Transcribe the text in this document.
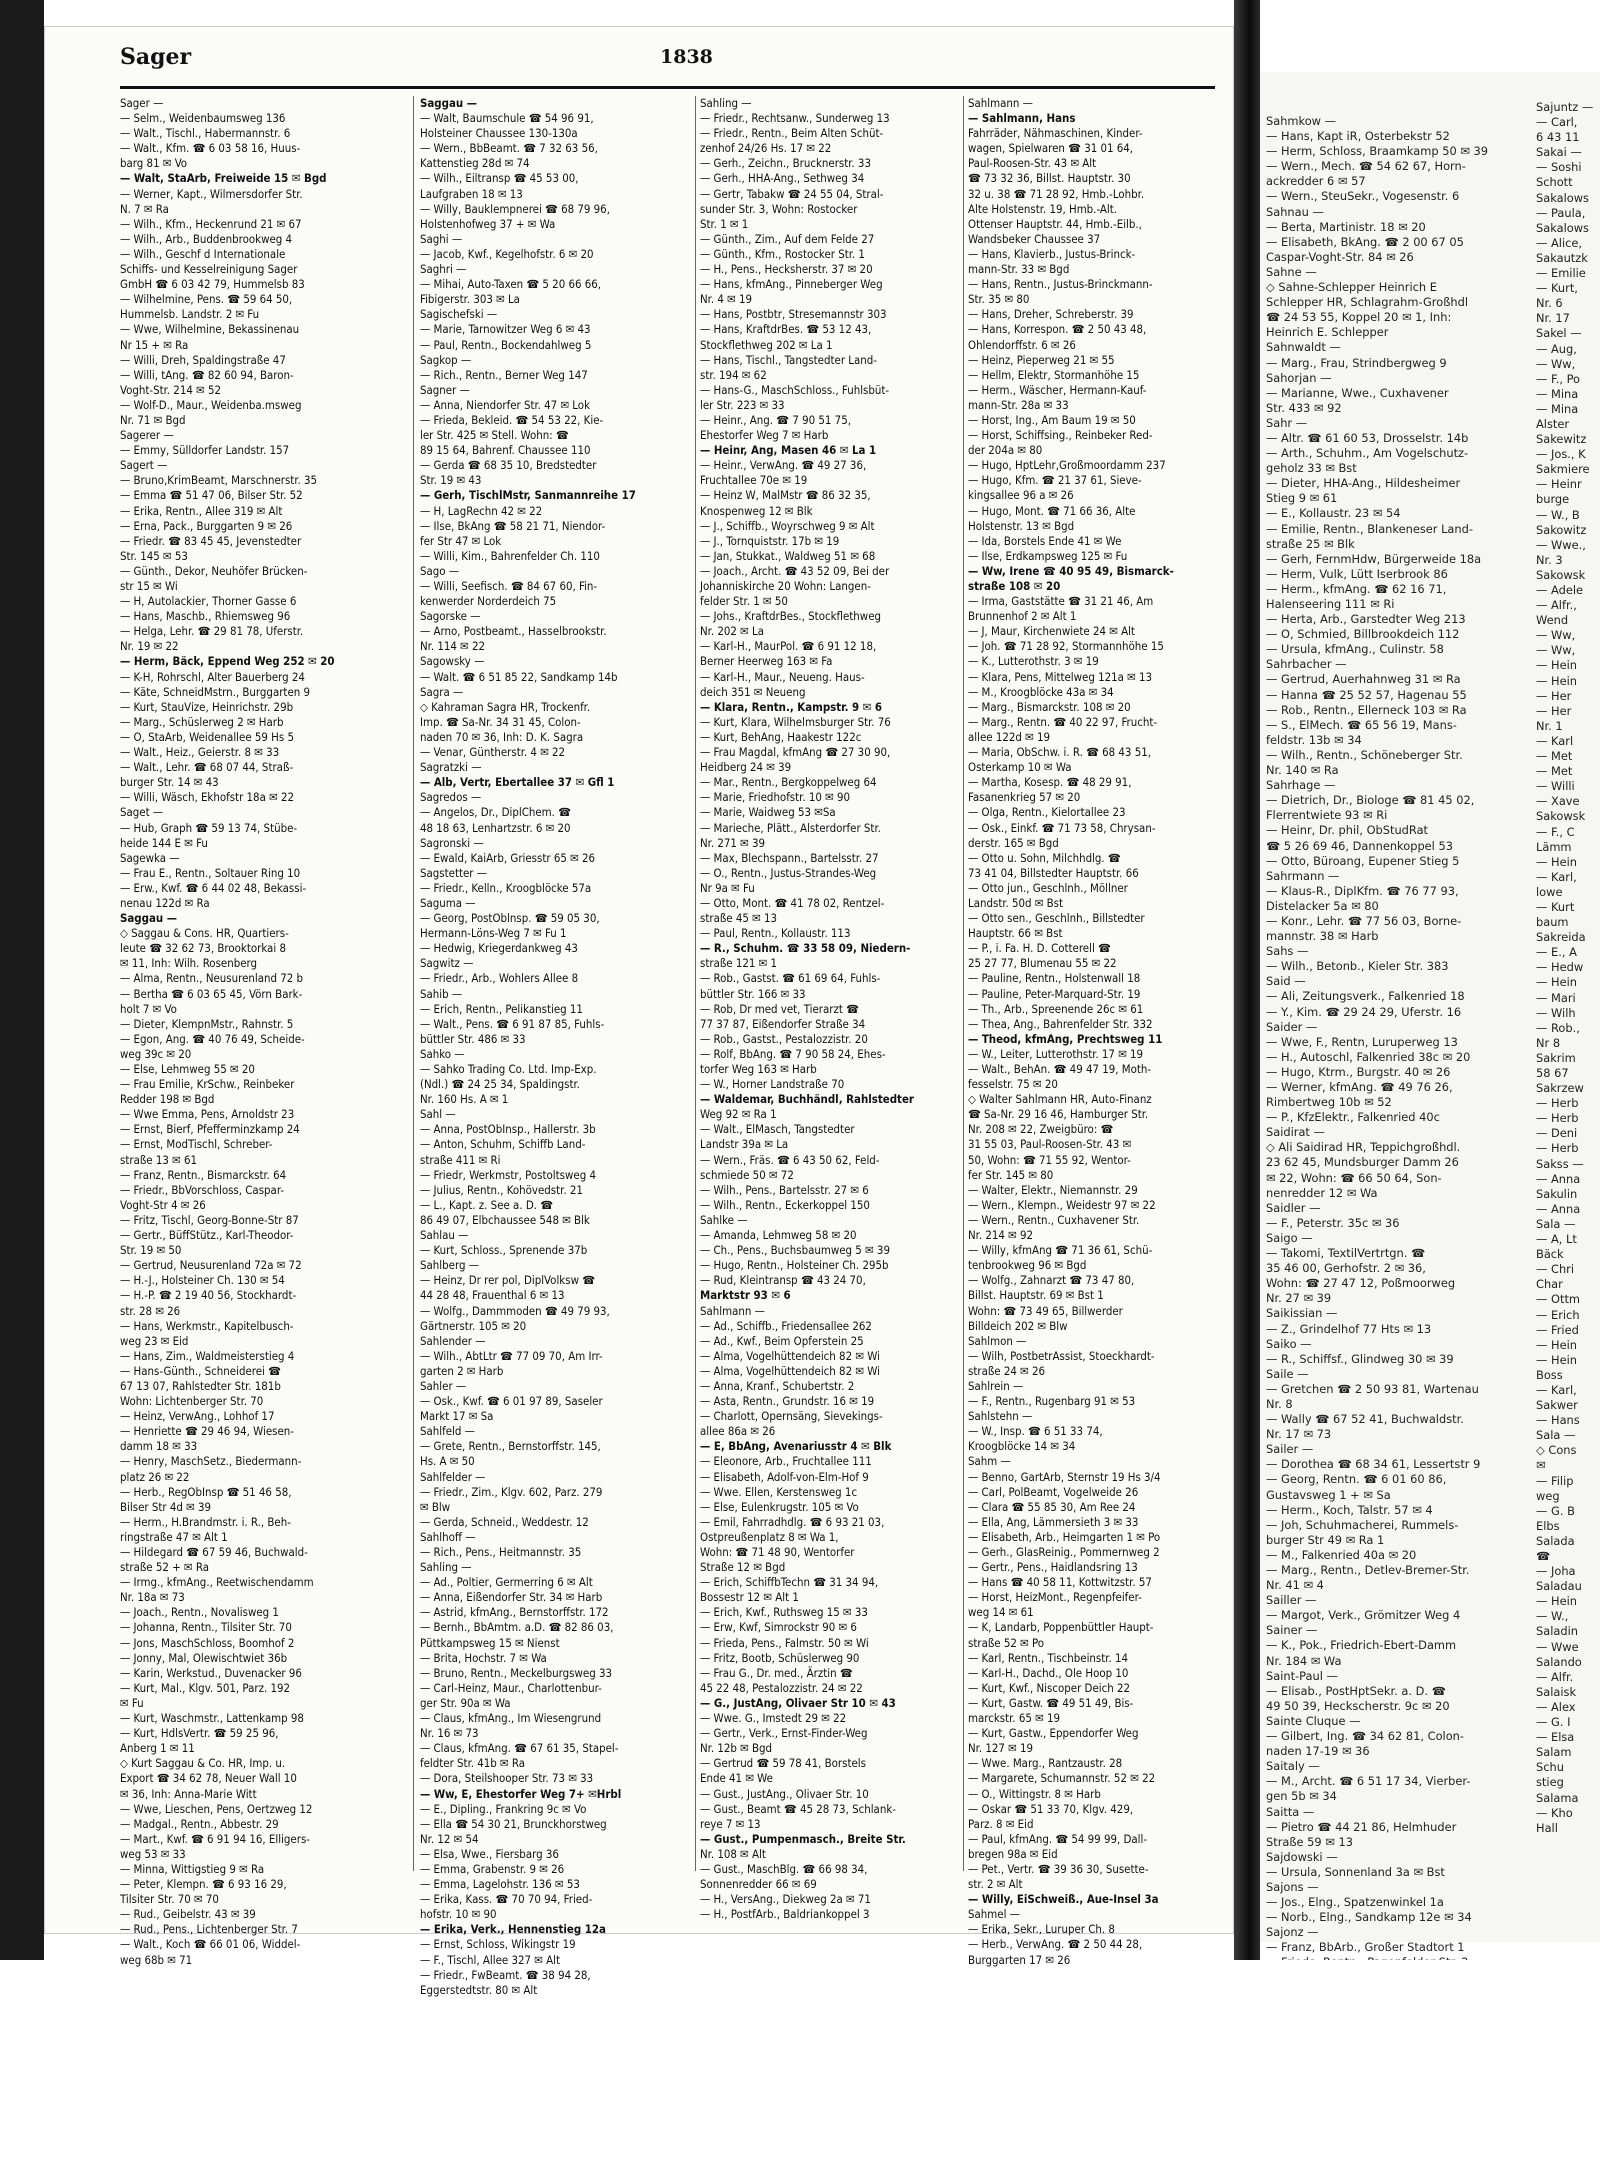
Sahmkow —
— Hans, Kapt iR, Osterbekstr 52
— Herm, Schloss, Braamkamp 50 ✉ 39
— Wern., Mech. ☎ 54 62 67, Horn-
ackredder 6 ✉ 57
— Wern., SteuSekr., Vogesenstr. 6
Sahnau —
— Berta, Martinistr. 18 ✉ 20
— Elisabeth, BkAng. ☎ 2 00 67 05
Caspar-Voght-Str. 84 ✉ 26
Sahne —
◇ Sahne-Schlepper Heinrich E
Schlepper HR, Schlagrahm-Großhdl
☎ 24 53 55, Koppel 20 ✉ 1, Inh:
Heinrich E. Schlepper
Sahnwaldt —
— Marg., Frau, Strindbergweg 9
Sahorjan —
— Marianne, Wwe., Cuxhavener
Str. 433 ✉ 92
Sahr —
— Altr. ☎ 61 60 53, Drosselstr. 14b
— Arth., Schuhm., Am Vogelschutz-
geholz 33 ✉ Bst
— Dieter, HHA-Ang., Hildesheimer
Stieg 9 ✉ 61
— E., Kollaustr. 23 ✉ 54
— Emilie, Rentn., Blankeneser Land-
straße 25 ✉ Blk
— Gerh, FernmHdw, Bürgerweide 18a
— Herm, Vulk, Lütt Iserbrook 86
— Herm., kfmAng. ☎ 62 16 71,
Halenseering 111 ✉ Ri
— Herta, Arb., Garstedter Weg 213
— O, Schmied, Billbrookdeich 112
— Ursula, kfmAng., Culinstr. 58
Sahrbacher —
— Gertrud, Auerhahnweg 31 ✉ Ra
— Hanna ☎ 25 52 57, Hagenau 55
— Rob., Rentn., Ellerneck 103 ✉ Ra
— S., ElMech. ☎ 65 56 19, Mans-
feldstr. 13b ✉ 34
— Wilh., Rentn., Schöneberger Str.
Nr. 140 ✉ Ra
Sahrhage —
— Dietrich, Dr., Biologe ☎ 81 45 02,
Flerrentwiete 93 ✉ Ri
— Heinr, Dr. phil, ObStudRat
☎ 5 26 69 46, Dannenkoppel 53
— Otto, Büroang, Eupener Stieg 5
Sahrmann —
— Klaus-R., DiplKfm. ☎ 76 77 93,
Distelacker 5a ✉ 80
— Konr., Lehr. ☎ 77 56 03, Borne-
mannstr. 38 ✉ Harb
Sahs —
— Wilh., Betonb., Kieler Str. 383
Said —
— Ali, Zeitungsverk., Falkenried 18
— Y., Kim. ☎ 29 24 29, Uferstr. 16
Saider —
— Wwe, F., Rentn, Luruperweg 13
— H., Autoschl, Falkenried 38c ✉ 20
— Hugo, Ktrm., Burgstr. 40 ✉ 26
— Werner, kfmAng. ☎ 49 76 26,
Rimbertweg 10b ✉ 52
— P., KfzElektr., Falkenried 40c
Saidirat —
◇ Ali Saidirad HR, Teppichgroßhdl.
23 62 45, Mundsburger Damm 26
✉ 22, Wohn: ☎ 66 50 64, Son-
nenredder 12 ✉ Wa
Saidler —
— F., Peterstr. 35c ✉ 36
Saigo —
— Takomi, TextilVertrtgn. ☎
35 46 00, Gerhofstr. 2 ✉ 36,
Wohn: ☎ 27 47 12, Poßmoorweg
Nr. 27 ✉ 39
Saikissian —
— Z., Grindelhof 77 Hts ✉ 13
Saiko —
— R., Schiffsf., Glindweg 30 ✉ 39
Saile —
— Gretchen ☎ 2 50 93 81, Wartenau
Nr. 8
— Wally ☎ 67 52 41, Buchwaldstr.
Nr. 17 ✉ 73
Sailer —
— Dorothea ☎ 68 34 61, Lessertstr 9
— Georg, Rentn. ☎ 6 01 60 86,
Gustavsweg 1 + ✉ Sa
— Herm., Koch, Talstr. 57 ✉ 4
— Joh, Schuhmacherei, Rummels-
burger Str 49 ✉ Ra 1
— M., Falkenried 40a ✉ 20
— Marg., Rentn., Detlev-Bremer-Str.
Nr. 41 ✉ 4
Sailler —
— Margot, Verk., Grömitzer Weg 4
Sainer —
— K., Pok., Friedrich-Ebert-Damm
Nr. 184 ✉ Wa
Saint-Paul —
— Elisab., PostHptSekr. a. D. ☎
49 50 39, Heckscherstr. 9c ✉ 20
Sainte Cluque —
— Gilbert, Ing. ☎ 34 62 81, Colon-
naden 17-19 ✉ 36
Saitaly —
— M., Archt. ☎ 6 51 17 34, Vierber-
gen 5b ✉ 34
Saitta —
— Pietro ☎ 44 21 86, Helmhuder
Straße 59 ✉ 13
Sajdowski —
— Ursula, Sonnenland 3a ✉ Bst
Sajons —
— Jos., Elng., Spatzenwinkel 1a
— Norb., Elng., Sandkamp 12e ✉ 34
Sajonz —
— Franz, BbArb., Großer Stadtort 1
Sajuntz —
— Carl,
6 43 11
Sakai —
— Soshi
Schott
Sakalows
— Paula,
Sakalows
— Alice,
Sakautzk
— Emilie
— Kurt,
Nr. 6
Nr. 17
Sakel —
— Aug,
— Ww,
— F., Po
— Mina
— Mina
Alster
Sakewitz
— Jos., K
Sakmiere
— Heinr
burge
— W., B
Sakowitz
— Wwe.,
Nr. 3
Sakowsk
— Adele
— Alfr.,
Wend
— Ww,
— Ww,
— Hein
— Hein
— Her
— Her
Nr. 1
— Karl
— Met
— Met
— Willi
— Xave
Sakowsk
— F., C
Lämm
— Hein
— Karl,
lowe
— Kurt
baum
Sakreida
— E., A
— Hedw
— Hein
— Mari
— Wilh
— Rob.,
Nr 8
Sakrim
58 67
Sakrzew
— Herb
— Herb
— Deni
— Herb
Sakss —
— Anna
Sakulin
— Anna
Sala —
— A, Lt
Bäck
— Chri
Char
— Ottm
— Erich
— Fried
— Hein
— Hein
Boss
— Karl,
Sakwer
— Hans
Sala —
◇ Cons
✉
— Filip
weg
— G. B
Elbs
Salada
☎
— Joha
Saladau
— Hein
— W.,
Saladin
— Wwe
Salando
— Alfr.
Salaisk
— Alex
— G. I
— Elsa
Salam
Schu
stieg
Salama
— Kho
Hall
Sager	1838
Sager —
— Selm., Weidenbaumsweg 136
— Walt., Tischl., Habermannstr. 6
— Walt., Kfm. ☎ 6 03 58 16, Huus-
barg 81 ✉ Vo
— Walt, StaArb, Freiweide 15 ✉ Bgd
— Werner, Kapt., Wilmersdorfer Str.
N. 7 ✉ Ra
— Wilh., Kfm., Heckenrund 21 ✉ 67
— Wilh., Arb., Buddenbrookweg 4
— Wilh., Geschf d Internationale
Schiffs- und Kesselreinigung Sager
GmbH ☎ 6 03 42 79, Hummelsb 83
— Wilhelmine, Pens. ☎ 59 64 50,
Hummelsb. Landstr. 2 ✉ Fu
— Wwe, Wilhelmine, Bekassinenau
Nr 15 + ✉ Ra
— Willi, Dreh, Spaldingstraße 47
— Willi, tAng. ☎ 82 60 94, Baron-
Voght-Str. 214 ✉ 52
— Wolf-D., Maur., Weidenba.msweg
Nr. 71 ✉ Bgd
Sagerer —
— Emmy, Sülldorfer Landstr. 157
Sagert —
— Bruno,KrimBeamt, Marschnerstr. 35
— Emma ☎ 51 47 06, Bilser Str. 52
— Erika, Rentn., Allee 319 ✉ Alt
— Erna, Pack., Burggarten 9 ✉ 26
— Friedr. ☎ 83 45 45, Jevenstedter
Str. 145 ✉ 53
— Günth., Dekor, Neuhöfer Brücken-
str 15 ✉ Wi
— H, Autolackier, Thorner Gasse 6
— Hans, Maschb., Rhiemsweg 96
— Helga, Lehr. ☎ 29 81 78, Uferstr.
Nr. 19 ✉ 22
— Herm, Bäck, Eppend Weg 252 ✉ 20
— K-H, Rohrschl, Alter Bauerberg 24
— Käte, SchneidMstrn., Burggarten 9
— Kurt, StauVize, Heinrichstr. 29b
— Marg., Schüslerweg 2 ✉ Harb
— O, StaArb, Weidenallee 59 Hs 5
— Walt., Heiz., Geierstr. 8 ✉ 33
— Walt., Lehr. ☎ 68 07 44, Straß-
burger Str. 14 ✉ 43
— Willi, Wäsch, Ekhofstr 18a ✉ 22
Saget —
— Hub, Graph ☎ 59 13 74, Stübe-
heide 144 E ✉ Fu
Sagewka —
— Frau E., Rentn., Soltauer Ring 10
— Erw., Kwf. ☎ 6 44 02 48, Bekassi-
nenau 122d ✉ Ra
Saggau —
◇ Saggau & Cons. HR, Quartiers-
leute ☎ 32 62 73, Brooktorkai 8
✉ 11, Inh: Wilh. Rosenberg
— Alma, Rentn., Neusurenland 72 b
— Bertha ☎ 6 03 65 45, Vörn Bark-
holt 7 ✉ Vo
— Dieter, KlempnMstr., Rahnstr. 5
— Egon, Ang. ☎ 40 76 49, Scheide-
weg 39c ✉ 20
— Else, Lehmweg 55 ✉ 20
— Frau Emilie, KrSchw., Reinbeker
Redder 198 ✉ Bgd
— Wwe Emma, Pens, Arnoldstr 23
— Ernst, Bierf, Pfefferminzkamp 24
— Ernst, ModTischl, Schreber-
straße 13 ✉ 61
— Franz, Rentn., Bismarckstr. 64
— Friedr., BbVorschloss, Caspar-
Voght-Str 4 ✉ 26
— Fritz, Tischl, Georg-Bonne-Str 87
— Gertr., BüffStütz., Karl-Theodor-
Str. 19 ✉ 50
— Gertrud, Neusurenland 72a ✉ 72
— H.-J., Holsteiner Ch. 130 ✉ 54
— H.-P. ☎ 2 19 40 56, Stockhardt-
str. 28 ✉ 26
— Hans, Werkmstr., Kapitelbusch-
weg 23 ✉ Eid
— Hans, Zim., Waldmeisterstieg 4
— Hans-Günth., Schneiderei ☎
67 13 07, Rahlstedter Str. 181b
Wohn: Lichtenberger Str. 70
— Heinz, VerwAng., Lohhof 17
— Henriette ☎ 29 46 94, Wiesen-
damm 18 ✉ 33
— Henry, MaschSetz., Biedermann-
platz 26 ✉ 22
— Herb., RegObInsp ☎ 51 46 58,
Bilser Str 4d ✉ 39
— Herm., H.Brandmstr. i. R., Beh-
ringstraße 47 ✉ Alt 1
— Hildegard ☎ 67 59 46, Buchwald-
straße 52 + ✉ Ra
— Irmg., kfmAng., Reetwischendamm
Nr. 18a ✉ 73
— Joach., Rentn., Novalisweg 1
— Johanna, Rentn., Tilsiter Str. 70
— Jons, MaschSchloss, Boomhof 2
— Jonny, Mal, Olewischtwiet 36b
— Karin, Werkstud., Duvenacker 96
— Kurt, Mal., Klgv. 501, Parz. 192
✉ Fu
— Kurt, Waschmstr., Lattenkamp 98
— Kurt, HdlsVertr. ☎ 59 25 96,
Anberg 1 ✉ 11
◇ Kurt Saggau & Co. HR, Imp. u.
Export ☎ 34 62 78, Neuer Wall 10
✉ 36, Inh: Anna-Marie Witt
— Wwe, Lieschen, Pens, Oertzweg 12
— Madgal., Rentn., Abbestr. 29
— Mart., Kwf. ☎ 6 91 94 16, Elligers-
weg 53 ✉ 33
— Minna, Wittigstieg 9 ✉ Ra
— Peter, Klempn. ☎ 6 93 16 29,
Tilsiter Str. 70 ✉ 70
— Rud., Geibelstr. 43 ✉ 39
— Rud., Pens., Lichtenberger Str. 7
— Walt., Koch ☎ 66 01 06, Widdel-
weg 68b ✉ 71
Saggau —
— Walt, Baumschule ☎ 54 96 91,
Holsteiner Chaussee 130-130a
— Wern., BbBeamt. ☎ 7 32 63 56,
Kattenstieg 28d ✉ 74
— Wilh., Eiltransp ☎ 45 53 00,
Laufgraben 18 ✉ 13
— Willy, Bauklempnerei ☎ 68 79 96,
Holstenhofweg 37 + ✉ Wa
Saghi —
— Jacob, Kwf., Kegelhofstr. 6 ✉ 20
Saghri —
— Mihai, Auto-Taxen ☎ 5 20 66 66,
Fibigerstr. 303 ✉ La
Sagischefski —
— Marie, Tarnowitzer Weg 6 ✉ 43
— Paul, Rentn., Bockendahlweg 5
Sagkop —
— Rich., Rentn., Berner Weg 147
Sagner —
— Anna, Niendorfer Str. 47 ✉ Lok
— Frieda, Bekleid. ☎ 54 53 22, Kie-
ler Str. 425 ✉ Stell. Wohn: ☎
89 15 64, Bahrenf. Chaussee 110
— Gerda ☎ 68 35 10, Bredstedter
Str. 19 ✉ 43
— Gerh, TischlMstr, Sanmannreihe 17
— H, LagRechn 42 ✉ 22
— Ilse, BkAng ☎ 58 21 71, Niendor-
fer Str 47 ✉ Lok
— Willi, Kim., Bahrenfelder Ch. 110
Sago —
— Willi, Seefisch. ☎ 84 67 60, Fin-
kenwerder Norderdeich 75
Sagorske —
— Arno, Postbeamt., Hasselbrookstr.
Nr. 114 ✉ 22
Sagowsky —
— Walt. ☎ 6 51 85 22, Sandkamp 14b
Sagra —
◇ Kahraman Sagra HR, Trockenfr.
Imp. ☎ Sa-Nr. 34 31 45, Colon-
naden 70 ✉ 36, Inh: D. K. Sagra
— Venar, Güntherstr. 4 ✉ 22
Sagratzki —
— Alb, Vertr, Ebertallee 37 ✉ Gfl 1
Sagredos —
— Angelos, Dr., DiplChem. ☎
48 18 63, Lenhartzstr. 6 ✉ 20
Sagronski —
— Ewald, KaiArb, Griesstr 65 ✉ 26
Sagstetter —
— Friedr., Kelln., Kroogblöcke 57a
Saguma —
— Georg, PostOblnsp. ☎ 59 05 30,
Hermann-Löns-Weg 7 ✉ Fu 1
— Hedwig, Kriegerdankweg 43
Sagwitz —
— Friedr., Arb., Wohlers Allee 8
Sahib —
— Erich, Rentn., Pelikanstieg 11
— Walt., Pens. ☎ 6 91 87 85, Fuhls-
büttler Str. 486 ✉ 33
Sahko —
— Sahko Trading Co. Ltd. Imp-Exp.
(Ndl.) ☎ 24 25 34, Spaldingstr.
Nr. 160 Hs. A ✉ 1
Sahl —
— Anna, PostObInsp., Hallerstr. 3b
— Anton, Schuhm, Schiffb Land-
straße 411 ✉ Ri
— Friedr, Werkmstr, Postoltsweg 4
— Julius, Rentn., Kohövedstr. 21
— L., Kapt. z. See a. D. ☎
86 49 07, Elbchaussee 548 ✉ Blk
Sahlau —
— Kurt, Schloss., Sprenende 37b
Sahlberg —
— Heinz, Dr rer pol, DiplVolksw ☎
44 28 48, Frauenthal 6 ✉ 13
— Wolfg., Dammmoden ☎ 49 79 93,
Gärtnerstr. 105 ✉ 20
Sahlender —
— Wilh., AbtLtr ☎ 77 09 70, Am Irr-
garten 2 ✉ Harb
Sahler —
— Osk., Kwf. ☎ 6 01 97 89, Saseler
Markt 17 ✉ Sa
Sahlfeld —
— Grete, Rentn., Bernstorffstr. 145,
Hs. A ✉ 50
Sahlfelder —
— Friedr., Zim., Klgv. 602, Parz. 279
✉ Blw
— Gerda, Schneid., Weddestr. 12
Sahlhoff —
— Rich., Pens., Heitmannstr. 35
Sahling —
— Ad., Poltier, Germerring 6 ✉ Alt
— Anna, Eißendorfer Str. 34 ✉ Harb
— Astrid, kfmAng., Bernstorffstr. 172
— Bernh., BbAmtm. a.D. ☎ 82 86 03,
Püttkampsweg 15 ✉ Nienst
— Brita, Hochstr. 7 ✉ Wa
— Bruno, Rentn., Meckelburgsweg 33
— Carl-Heinz, Maur., Charlottenbur-
ger Str. 90a ✉ Wa
— Claus, kfmAng., Im Wiesengrund
Nr. 16 ✉ 73
— Claus, kfmAng. ☎ 67 61 35, Stapel-
feldter Str. 41b ✉ Ra
— Dora, Steilshooper Str. 73 ✉ 33
— Ww, E, Ehestorfer Weg 7+ ✉Hrbl
— E., Dipling., Frankring 9c ✉ Vo
— Ella ☎ 54 30 21, Brunckhorstweg
Nr. 12 ✉ 54
— Elsa, Wwe., Fiersbarg 36
— Emma, Grabenstr. 9 ✉ 26
— Emma, Lagelohstr. 136 ✉ 53
— Erika, Kass. ☎ 70 70 94, Fried-
hofstr. 10 ✉ 90
— Erika, Verk., Hennenstieg 12a
— Ernst, Schloss, Wikingstr 19
— F., Tischl, Allee 327 ✉ Alt
— Friedr., FwBeamt. ☎ 38 94 28,
Eggerstedtstr. 80 ✉ Alt
Sahling —
— Friedr., Rechtsanw., Sunderweg 13
— Friedr., Rentn., Beim Alten Schüt-
zenhof 24/26 Hs. 17 ✉ 22
— Gerh., Zeichn., Brucknerstr. 33
— Gerh., HHA-Ang., Sethweg 34
— Gertr, Tabakw ☎ 24 55 04, Stral-
sunder Str. 3, Wohn: Rostocker
Str. 1 ✉ 1
— Günth., Zim., Auf dem Felde 27
— Günth., Kfm., Rostocker Str. 1
— H., Pens., Hecksherstr. 37 ✉ 20
— Hans, kfmAng., Pinneberger Weg
Nr. 4 ✉ 19
— Hans, Postbtr, Stresemannstr 303
— Hans, KraftdrBes. ☎ 53 12 43,
Stockflethweg 202 ✉ La 1
— Hans, Tischl., Tangstedter Land-
str. 194 ✉ 62
— Hans-G., MaschSchloss., Fuhlsbüt-
ler Str. 223 ✉ 33
— Heinr., Ang. ☎ 7 90 51 75,
Ehestorfer Weg 7 ✉ Harb
— Heinr, Ang, Masen 46 ✉ La 1
— Heinr., VerwAng. ☎ 49 27 36,
Fruchtallee 70e ✉ 19
— Heinz W, MalMstr ☎ 86 32 35,
Knospenweg 12 ✉ Blk
— J., Schiffb., Woyrschweg 9 ✉ Alt
— J., Tornquiststr. 17b ✉ 19
— Jan, Stukkat., Waldweg 51 ✉ 68
— Joach., Archt. ☎ 43 52 09, Bei der
Johanniskirche 20 Wohn: Langen-
felder Str. 1 ✉ 50
— Johs., KraftdrBes., Stockflethweg
Nr. 202 ✉ La
— Karl-H., MaurPol. ☎ 6 91 12 18,
Berner Heerweg 163 ✉ Fa
— Karl-H., Maur., Neueng. Haus-
deich 351 ✉ Neueng
— Klara, Rentn., Kampstr. 9 ✉ 6
— Kurt, Klara, Wilhelmsburger Str. 76
— Kurt, BehAng, Haakestr 122c
— Frau Magdal, kfmAng ☎ 27 30 90,
Heidberg 24 ✉ 39
— Mar., Rentn., Bergkoppelweg 64
— Marie, Friedhofstr. 10 ✉ 90
— Marie, Waidweg 53 ✉Sa
— Marieche, Plätt., Alsterdorfer Str.
Nr. 271 ✉ 39
— Max, Blechspann., Bartelsstr. 27
— O., Rentn., Justus-Strandes-Weg
Nr 9a ✉ Fu
— Otto, Mont. ☎ 41 78 02, Rentzel-
straße 45 ✉ 13
— Paul, Rentn., Kollaustr. 113
— R., Schuhm. ☎ 33 58 09, Niedern-
straße 121 ✉ 1
— Rob., Gastst. ☎ 61 69 64, Fuhls-
büttler Str. 166 ✉ 33
— Rob, Dr med vet, Tierarzt ☎
77 37 87, Eißendorfer Straße 34
— Rob., Gastst., Pestalozzistr. 20
— Rolf, BbAng. ☎ 7 90 58 24, Ehes-
torfer Weg 163 ✉ Harb
— W., Horner Landstraße 70
— Waldemar, Buchhändl, Rahlstedter
Weg 92 ✉ Ra 1
— Walt., ElMasch, Tangstedter
Landstr 39a ✉ La
— Wern., Fräs. ☎ 6 43 50 62, Feld-
schmiede 50 ✉ 72
— Wilh., Pens., Bartelsstr. 27 ✉ 6
— Wilh., Rentn., Eckerkoppel 150
Sahlke —
— Amanda, Lehmweg 58 ✉ 20
— Ch., Pens., Buchsbaumweg 5 ✉ 39
— Hugo, Rentn., Holsteiner Ch. 295b
— Rud, Kleintransp ☎ 43 24 70,
Marktstr 93 ✉ 6
Sahlmann —
— Ad., Schiffb., Friedensallee 262
— Ad., Kwf., Beim Opferstein 25
— Alma, Vogelhüttendeich 82 ✉ Wi
— Alma, Vogelhüttendeich 82 ✉ Wi
— Anna, Kranf., Schubertstr. 2
— Asta, Rentn., Grundstr. 16 ✉ 19
— Charlott, Opernsäng, Sievekings-
allee 86a ✉ 26
— E, BbAng, Avenariusstr 4 ✉ Blk
— Eleonore, Arb., Fruchtallee 111
— Elisabeth, Adolf-von-Elm-Hof 9
— Wwe. Ellen, Kerstensweg 1c
— Else, Eulenkrugstr. 105 ✉ Vo
— Emil, Fahrradhdlg. ☎ 6 93 21 03,
Ostpreußenplatz 8 ✉ Wa 1,
Wohn: ☎ 71 48 90, Wentorfer
Straße 12 ✉ Bgd
— Erich, SchiffbTechn ☎ 31 34 94,
Bossestr 12 ✉ Alt 1
— Erich, Kwf., Ruthsweg 15 ✉ 33
— Erw, Kwf, Simrockstr 90 ✉ 6
— Frieda, Pens., Falmstr. 50 ✉ Wi
— Fritz, Bootb, Schüslerweg 90
— Frau G., Dr. med., Ärztin ☎
45 22 48, Pestalozzistr. 24 ✉ 22
— G., JustAng, Olivaer Str 10 ✉ 43
— Wwe. G., Imstedt 29 ✉ 22
— Gertr., Verk., Ernst-Finder-Weg
Nr. 12b ✉ Bgd
— Gertrud ☎ 59 78 41, Borstels
Ende 41 ✉ We
— Gust., JustAng., Olivaer Str. 10
— Gust., Beamt ☎ 45 28 73, Schlank-
reye 7 ✉ 13
— Gust., Pumpenmasch., Breite Str.
Nr. 108 ✉ Alt
— Gust., MaschBlg. ☎ 66 98 34,
Sonnenredder 66 ✉ 69
— H., VersAng., Diekweg 2a ✉ 71
— H., PostfArb., Baldriankoppel 3
Sahlmann —
— Sahlmann, Hans
Fahrräder, Nähmaschinen, Kinder-
wagen, Spielwaren ☎ 31 01 64,
Paul-Roosen-Str. 43 ✉ Alt
☎ 73 32 36, Billst. Hauptstr. 30
32 u. 38 ☎ 71 28 92, Hmb.-Lohbr.
Alte Holstenstr. 19, Hmb.-Alt.
Ottenser Hauptstr. 44, Hmb.-Eilb.,
Wandsbeker Chaussee 37
— Hans, Klavierb., Justus-Brinck-
mann-Str. 33 ✉ Bgd
— Hans, Rentn., Justus-Brinckmann-
Str. 35 ✉ 80
— Hans, Dreher, Schreberstr. 39
— Hans, Korrespon. ☎ 2 50 43 48,
Ohlendorffstr. 6 ✉ 26
— Heinz, Pieperweg 21 ✉ 55
— Hellm, Elektr, Stormanhöhe 15
— Herm., Wäscher, Hermann-Kauf-
mann-Str. 28a ✉ 33
— Horst, Ing., Am Baum 19 ✉ 50
— Horst, Schiffsing., Reinbeker Red-
der 204a ✉ 80
— Hugo, HptLehr,Großmoordamm 237
— Hugo, Kfm. ☎ 21 37 61, Sieve-
kingsallee 96 a ✉ 26
— Hugo, Mont. ☎ 71 66 36, Alte
Holstenstr. 13 ✉ Bgd
— Ida, Borstels Ende 41 ✉ We
— Ilse, Erdkampsweg 125 ✉ Fu
— Ww, Irene ☎ 40 95 49, Bismarck-
straße 108 ✉ 20
— Irma, Gaststätte ☎ 31 21 46, Am
Brunnenhof 2 ✉ Alt 1
— J, Maur, Kirchenwiete 24 ✉ Alt
— Joh. ☎ 71 28 92, Stormannhöhe 15
— K., Lutterothstr. 3 ✉ 19
— Klara, Pens, Mittelweg 121a ✉ 13
— M., Kroogblöcke 43a ✉ 34
— Marg., Bismarckstr. 108 ✉ 20
— Marg., Rentn. ☎ 40 22 97, Frucht-
allee 122d ✉ 19
— Maria, ObSchw. i. R. ☎ 68 43 51,
Osterkamp 10 ✉ Wa
— Martha, Kosesp. ☎ 48 29 91,
Fasanenkrieg 57 ✉ 20
— Olga, Rentn., Kielortallee 23
— Osk., Einkf. ☎ 71 73 58, Chrysan-
derstr. 165 ✉ Bgd
— Otto u. Sohn, Milchhdlg. ☎
73 41 04, Billstedter Hauptstr. 66
— Otto jun., Geschlnh., Möllner
Landstr. 50d ✉ Bst
— Otto sen., Geschlnh., Billstedter
Hauptstr. 66 ✉ Bst
— P., i. Fa. H. D. Cotterell ☎
25 27 77, Blumenau 55 ✉ 22
— Pauline, Rentn., Holstenwall 18
— Pauline, Peter-Marquard-Str. 19
— Th., Arb., Spreenende 26c ✉ 61
— Thea, Ang., Bahrenfelder Str. 332
— Theod, kfmAng, Prechtsweg 11
— W., Leiter, Lutterothstr. 17 ✉ 19
— Walt., BehAn. ☎ 49 47 19, Moth-
fesselstr. 75 ✉ 20
◇ Walter Sahlmann HR, Auto-Finanz
☎ Sa-Nr. 29 16 46, Hamburger Str.
Nr. 208 ✉ 22, Zweigbüro: ☎
31 55 03, Paul-Roosen-Str. 43 ✉
50, Wohn: ☎ 71 55 92, Wentor-
fer Str. 145 ✉ 80
— Walter, Elektr., Niemannstr. 29
— Wern., Klempn., Weidestr 97 ✉ 22
— Wern., Rentn., Cuxhavener Str.
Nr. 214 ✉ 92
— Willy, kfmAng ☎ 71 36 61, Schü-
tenbrookweg 96 ✉ Bgd
— Wolfg., Zahnarzt ☎ 73 47 80,
Billst. Hauptstr. 69 ✉ Bst 1
Wohn: ☎ 73 49 65, Billwerder
Billdeich 202 ✉ Blw
Sahlmon —
— Wilh, PostbetrAssist, Stoeckhardt-
straße 24 ✉ 26
Sahlrein —
— F., Rentn., Rugenbarg 91 ✉ 53
Sahlstehn —
— W., Insp. ☎ 6 51 33 74,
Kroogblöcke 14 ✉ 34
Sahm —
— Benno, GartArb, Sternstr 19 Hs 3/4
— Carl, PolBeamt, Vogelweide 26
— Clara ☎ 55 85 30, Am Ree 24
— Ella, Ang, Lämmersieth 3 ✉ 33
— Elisabeth, Arb., Heimgarten 1 ✉ Po
— Gerh., GlasReinig., Pommernweg 2
— Gertr., Pens., Haidlandsring 13
— Hans ☎ 40 58 11, Kottwitzstr. 57
— Horst, HeizMont., Regenpfeifer-
weg 14 ✉ 61
— K, Landarb, Poppenbüttler Haupt-
straße 52 ✉ Po
— Karl, Rentn., Tischbeinstr. 14
— Karl-H., Dachd., Ole Hoop 10
— Kurt, Kwf., Niscoper Deich 22
— Kurt, Gastw. ☎ 49 51 49, Bis-
marckstr. 65 ✉ 19
— Kurt, Gastw., Eppendorfer Weg
Nr. 127 ✉ 19
— Wwe. Marg., Rantzaustr. 28
— Margarete, Schumannstr. 52 ✉ 22
— O., Wittingstr. 8 ✉ Harb
— Oskar ☎ 51 33 70, Klgv. 429,
Parz. 8 ✉ Eid
— Paul, kfmAng. ☎ 54 99 99, Dall-
bregen 98a ✉ Eid
— Pet., Vertr. ☎ 39 36 30, Susette-
str. 2 ✉ Alt
— Willy, EiSchweiß., Aue-Insel 3a
Sahmel —
— Erika, Sekr., Luruper Ch. 8
— Herb., VerwAng. ☎ 2 50 44 28,
Burggarten 17 ✉ 26
